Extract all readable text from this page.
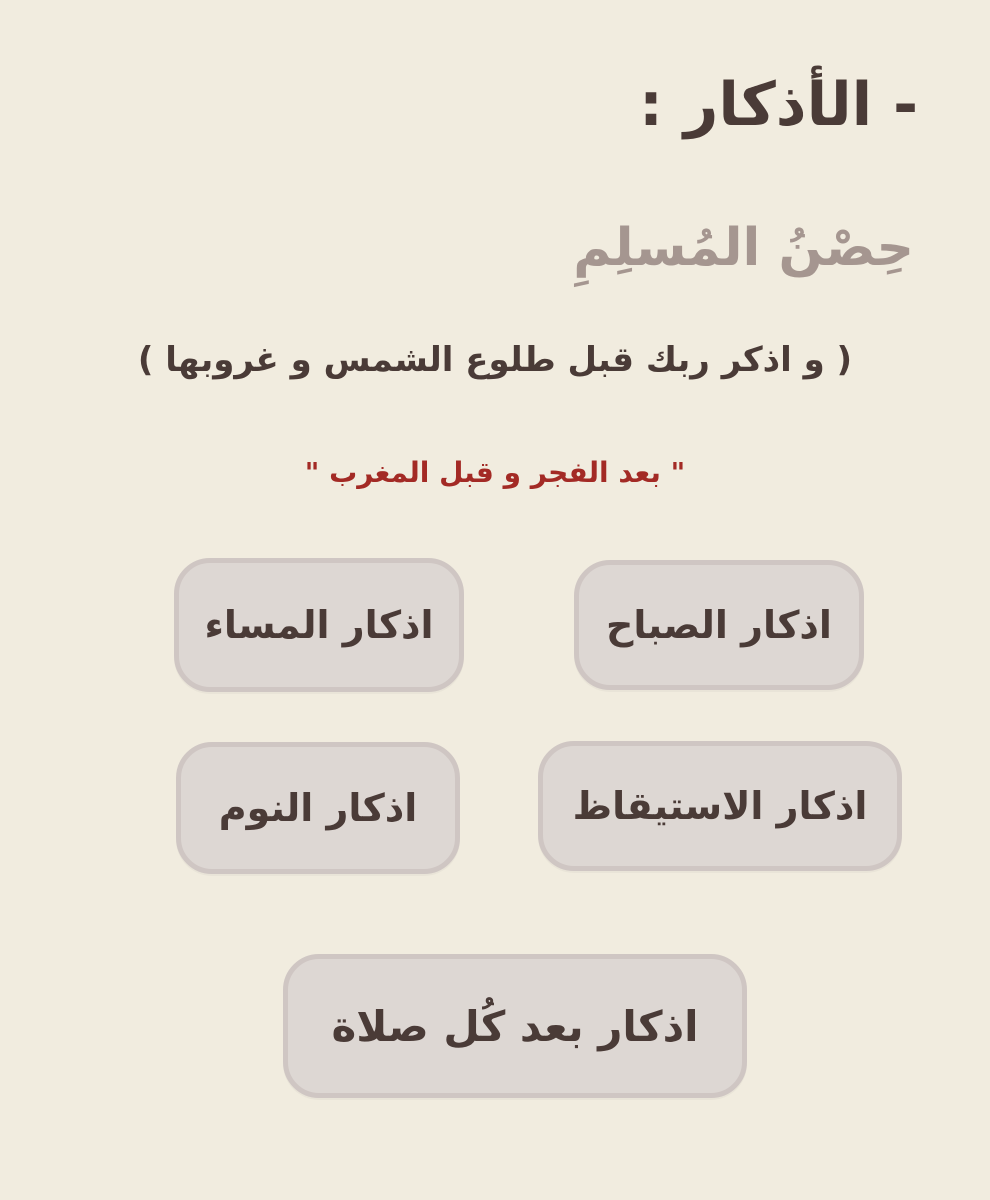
- الأذكار :
حِصْنُ المُسلِمِ
( و اذكر ربك قبل طلوع الشمس و غروبها )
" بعد الفجر و قبل المغرب "
اذكار الصباح
اذكار المساء
اذكار الاستيقاظ
اذكار النوم
اذكار بعد كُل صلاة
